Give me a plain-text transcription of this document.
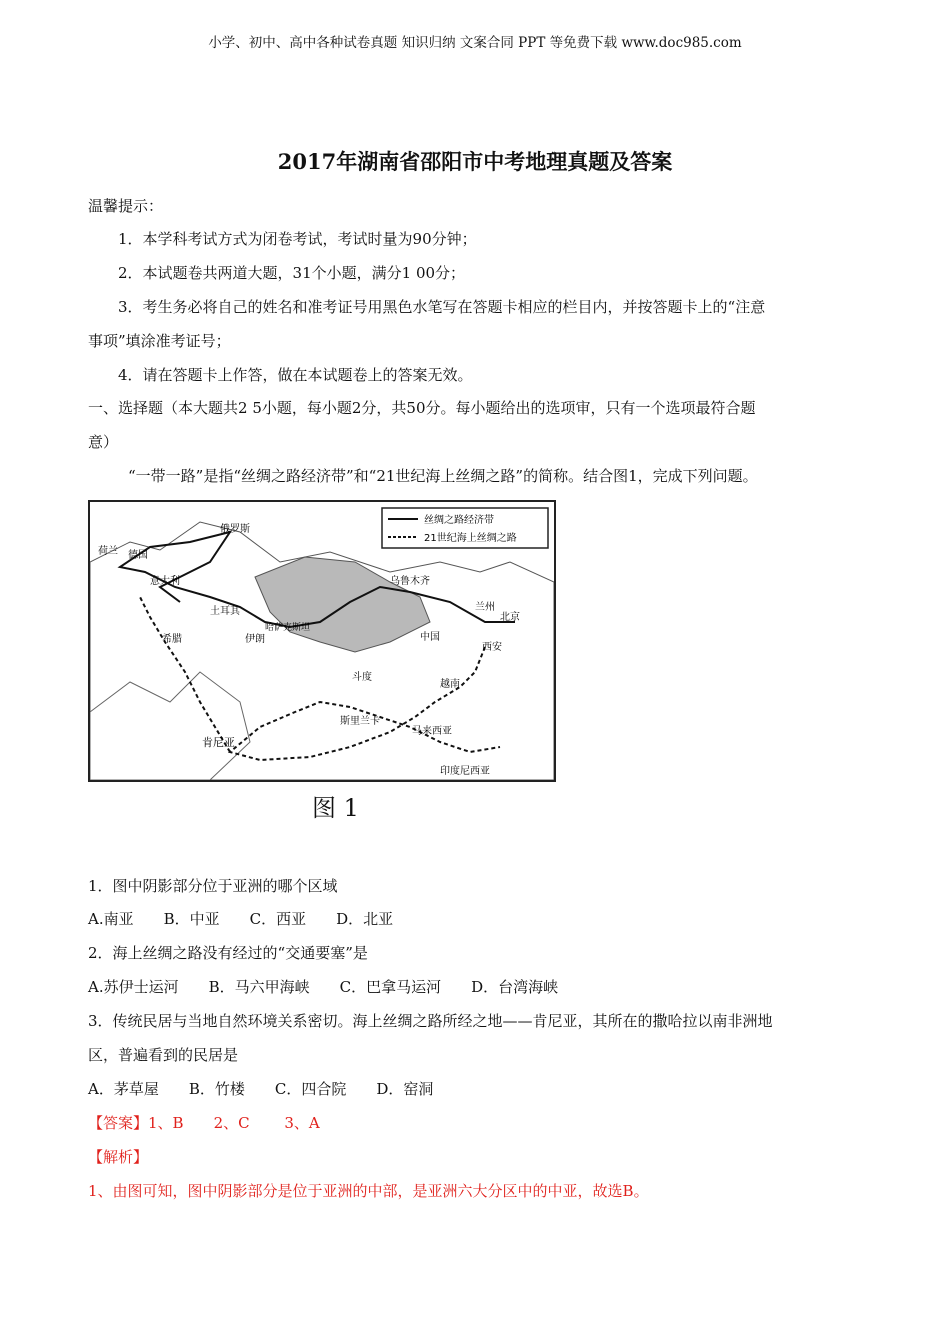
小学、初中、高中各种试卷真题 知识归纳 文案合同 PPT 等免费下载 www.doc985.com
2017年湖南省邵阳市中考地理真题及答案
温馨提示：
1．本学科考试方式为闭卷考试，考试时量为90分钟；
2．本试题卷共两道大题，31个小题，满分1 00分；
3．考生务必将自己的姓名和准考证号用黑色水笔写在答题卡相应的栏目内，并按答题卡上的“注意
事项”填涂准考证号；
4．请在答题卡上作答，做在本试题卷上的答案无效。
一、选择题（本大题共2 5小题，每小题2分，共50分。每小题给出的选项审，只有一个选项最符合题
意）
“一带一路”是指“丝绸之路经济带”和“21世纪海上丝绸之路”的简称。结合图1，完成下列问题。
丝绸之路经济带
21世纪海上丝绸之路
俄罗斯
荷兰 德国
意大利
土耳其
伊朗
希腊
哈萨克斯坦
乌鲁木齐
兰州
北京
中国
西安
斗度
斯里兰卡
马来西亚
越南
肯尼亚
印度尼西亚
图 1
1．图中阴影部分位于亚洲的哪个区域
A.南亚　　B．中亚　　C．西亚　　D．北亚
2．海上丝绸之路没有经过的“交通要塞”是
A.苏伊士运河　　B．马六甲海峡　　C．巴拿马运河　　D．台湾海峡
3．传统民居与当地自然环境关系密切。海上丝绸之路所经之地——肯尼亚，其所在的撒哈拉以南非洲地
区，普遍看到的民居是
A．茅草屋　　B．竹楼　　C．四合院　　D．窑洞
【答案】1、B　　2、C　　 3、A
【解析】
1、由图可知，图中阴影部分是位于亚洲的中部，是亚洲六大分区中的中亚，故选B。
